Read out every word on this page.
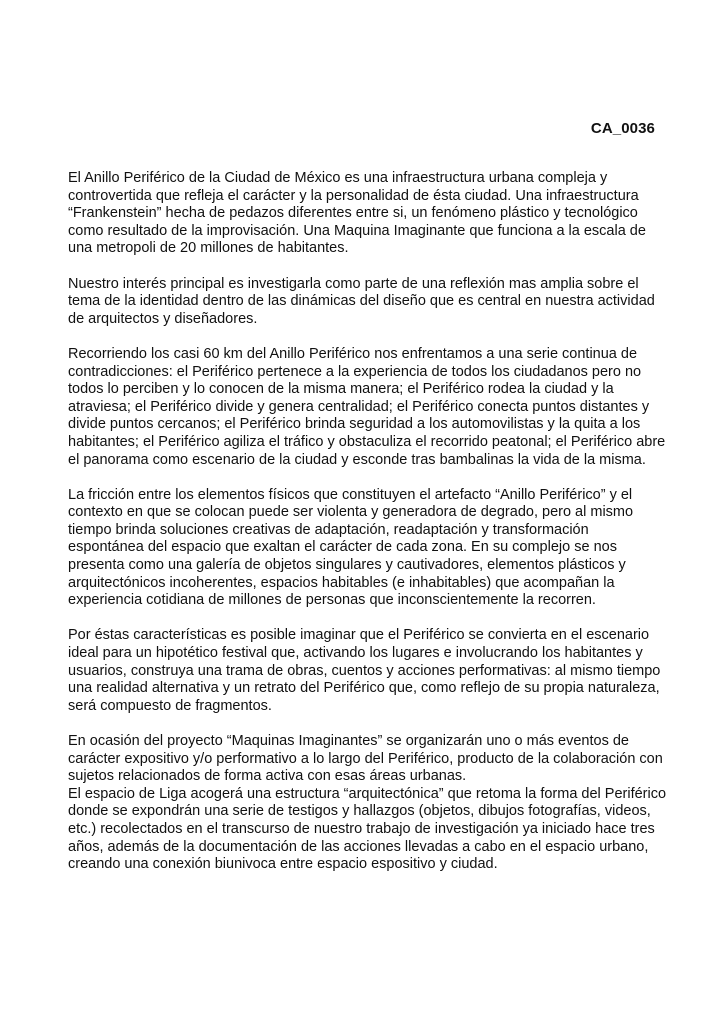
CA_0036

El Anillo Periférico de la Ciudad de México es una infraestructura urbana compleja y controvertida que refleja el carácter y la personalidad de ésta ciudad. Una infraestructura “Frankenstein” hecha de pedazos diferentes entre si, un fenómeno plástico y tecnológico como resultado de la improvisación. Una Maquina Imaginante que funciona a la escala de una metropoli de 20 millones de habitantes.

Nuestro interés principal es investigarla como parte de una reflexión mas amplia sobre el tema de la identidad dentro de las dinámicas del diseño que es central en nuestra actividad de arquitectos y diseñadores.

Recorriendo los casi 60 km del Anillo Periférico nos enfrentamos a una serie continua de contradicciones: el Periférico pertenece a la experiencia de todos los ciudadanos pero no todos lo perciben y lo conocen de la misma manera; el Periférico rodea la ciudad y la atraviesa; el Periférico divide y genera centralidad; el Periférico conecta puntos distantes y divide puntos cercanos; el Periférico brinda seguridad a los automovilistas y la quita a los habitantes; el Periférico agiliza el tráfico y obstaculiza el recorrido peatonal; el Periférico abre el panorama como escenario de la ciudad y esconde tras bambalinas la vida de la misma.

La fricción entre los elementos físicos que constituyen el artefacto “Anillo Periférico” y el contexto en que se colocan puede ser violenta y generadora de degrado, pero al mismo tiempo brinda soluciones creativas de adaptación, readaptación y transformación espontánea del espacio que exaltan el carácter de cada zona. En su complejo se nos presenta como una galería de objetos singulares y cautivadores, elementos plásticos y arquitectónicos incoherentes, espacios habitables (e inhabitables) que acompañan la experiencia cotidiana de millones de personas que inconscientemente la recorren.

Por éstas características es posible imaginar que el Periférico se convierta en el escenario ideal para un hipotético festival que, activando los lugares e involucrando los habitantes y usuarios, construya una trama de obras, cuentos y acciones performativas: al mismo tiempo una realidad alternativa y un retrato del Periférico que, como reflejo de su propia naturaleza, será compuesto de fragmentos.

En ocasión del proyecto “Maquinas Imaginantes” se organizarán uno o más eventos de carácter expositivo y/o performativo a lo largo del Periférico, producto de la colaboración con sujetos relacionados de forma activa con esas áreas urbanas.

El espacio de Liga acogerá una estructura “arquitectónica” que retoma la forma del Periférico donde se expondrán una serie de testigos y hallazgos (objetos, dibujos fotografías, videos, etc.) recolectados en el transcurso de nuestro trabajo de investigación ya iniciado hace tres años, además de la documentación de las acciones llevadas a cabo en el espacio urbano, creando una conexión biunivoca entre espacio espositivo y ciudad.
